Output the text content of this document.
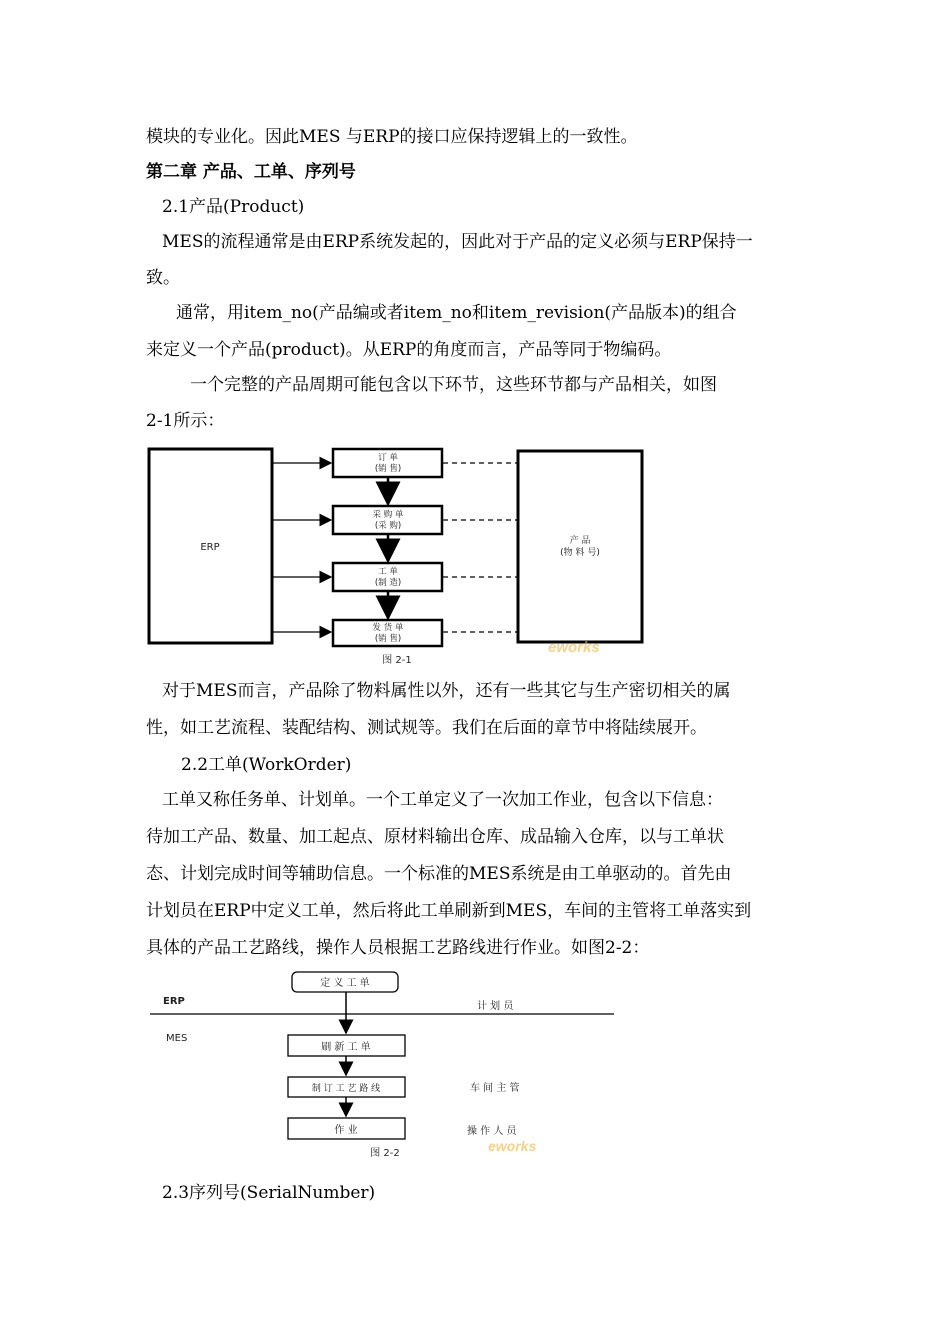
模块的专业化。因此MES 与ERP的接口应保持逻辑上的一致性。
第二章 产品、工单、序列号
2.1产品(Product)
MES的流程通常是由ERP系统发起的，因此对于产品的定义必须与ERP保持一
致。
通常，用item_no(产品编或者item_no和item_revision(产品版本)的组合
来定义一个产品(product)。从ERP的角度而言，产品等同于物编码。
一个完整的产品周期可能包含以下环节，这些环节都与产品相关，如图
2-1所示：
ERP
产 品
(物 料 号)
订 单
(销 售)
采 购 单
(采 购)
工 单
(制 造)
发 货 单
(销 售)
图 2-1
eworks
对于MES而言，产品除了物料属性以外，还有一些其它与生产密切相关的属
性，如工艺流程、装配结构、测试规等。我们在后面的章节中将陆续展开。
2.2工单(WorkOrder)
工单又称任务单、计划单。一个工单定义了一次加工作业，包含以下信息：
待加工产品、数量、加工起点、原材料输出仓库、成品输入仓库，以与工单状
态、计划完成时间等辅助信息。一个标准的MES系统是由工单驱动的。首先由
计划员在ERP中定义工单，然后将此工单刷新到MES，车间的主管将工单落实到
具体的产品工艺路线，操作人员根据工艺路线进行作业。如图2-2：
ERP
MES
定 义 工 单
刷 新 工 单
制 订 工 艺 路 线
作 业
计 划 员
车 间 主 管
操 作 人 员
图 2-2	eworks
2.3序列号(SerialNumber)
